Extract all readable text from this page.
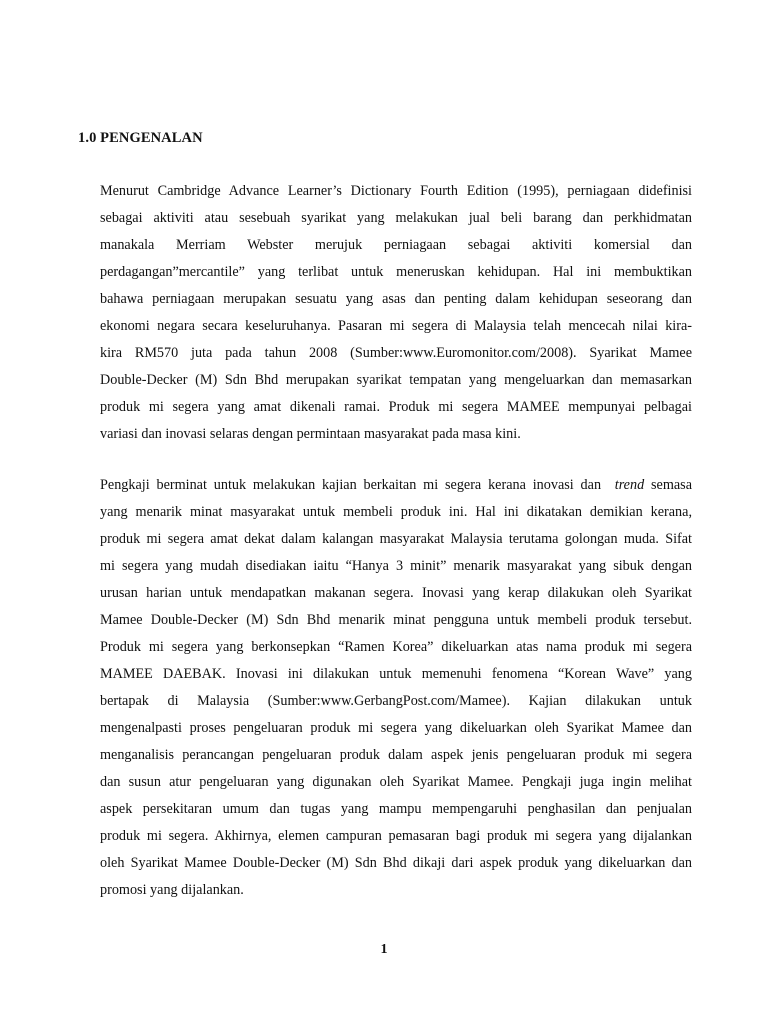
1.0 PENGENALAN
Menurut Cambridge Advance Learner’s Dictionary Fourth Edition (1995), perniagaan didefinisi
sebagai aktiviti atau sesebuah syarikat yang melakukan jual beli barang dan perkhidmatan
manakala Merriam Webster merujuk perniagaan sebagai aktiviti komersial dan
perdagangan”mercantile” yang terlibat untuk meneruskan kehidupan. Hal ini membuktikan
bahawa perniagaan merupakan sesuatu yang asas dan penting dalam kehidupan seseorang dan
ekonomi negara secara keseluruhanya. Pasaran mi segera di Malaysia telah mencecah nilai kira-
kira RM570 juta pada tahun 2008 (Sumber:www.Euromonitor.com/2008). Syarikat Mamee
Double-Decker (M) Sdn Bhd merupakan syarikat tempatan yang mengeluarkan dan memasarkan
produk mi segera yang amat dikenali ramai. Produk mi segera MAMEE mempunyai pelbagai
variasi dan inovasi selaras dengan permintaan masyarakat pada masa kini.
Pengkaji berminat untuk melakukan kajian berkaitan mi segera kerana inovasi dan trend semasa
yang menarik minat masyarakat untuk membeli produk ini. Hal ini dikatakan demikian kerana,
produk mi segera amat dekat dalam kalangan masyarakat Malaysia terutama golongan muda. Sifat
mi segera yang mudah disediakan iaitu “Hanya 3 minit” menarik masyarakat yang sibuk dengan
urusan harian untuk mendapatkan makanan segera. Inovasi yang kerap dilakukan oleh Syarikat
Mamee Double-Decker (M) Sdn Bhd menarik minat pengguna untuk membeli produk tersebut.
Produk mi segera yang berkonsepkan “Ramen Korea” dikeluarkan atas nama produk mi segera
MAMEE DAEBAK. Inovasi ini dilakukan untuk memenuhi fenomena “Korean Wave” yang
bertapak di Malaysia (Sumber:www.GerbangPost.com/Mamee). Kajian dilakukan untuk
mengenalpasti proses pengeluaran produk mi segera yang dikeluarkan oleh Syarikat Mamee dan
menganalisis perancangan pengeluaran produk dalam aspek jenis pengeluaran produk mi segera
dan susun atur pengeluaran yang digunakan oleh Syarikat Mamee. Pengkaji juga ingin melihat
aspek persekitaran umum dan tugas yang mampu mempengaruhi penghasilan dan penjualan
produk mi segera. Akhirnya, elemen campuran pemasaran bagi produk mi segera yang dijalankan
oleh Syarikat Mamee Double-Decker (M) Sdn Bhd dikaji dari aspek produk yang dikeluarkan dan
promosi yang dijalankan.

1
